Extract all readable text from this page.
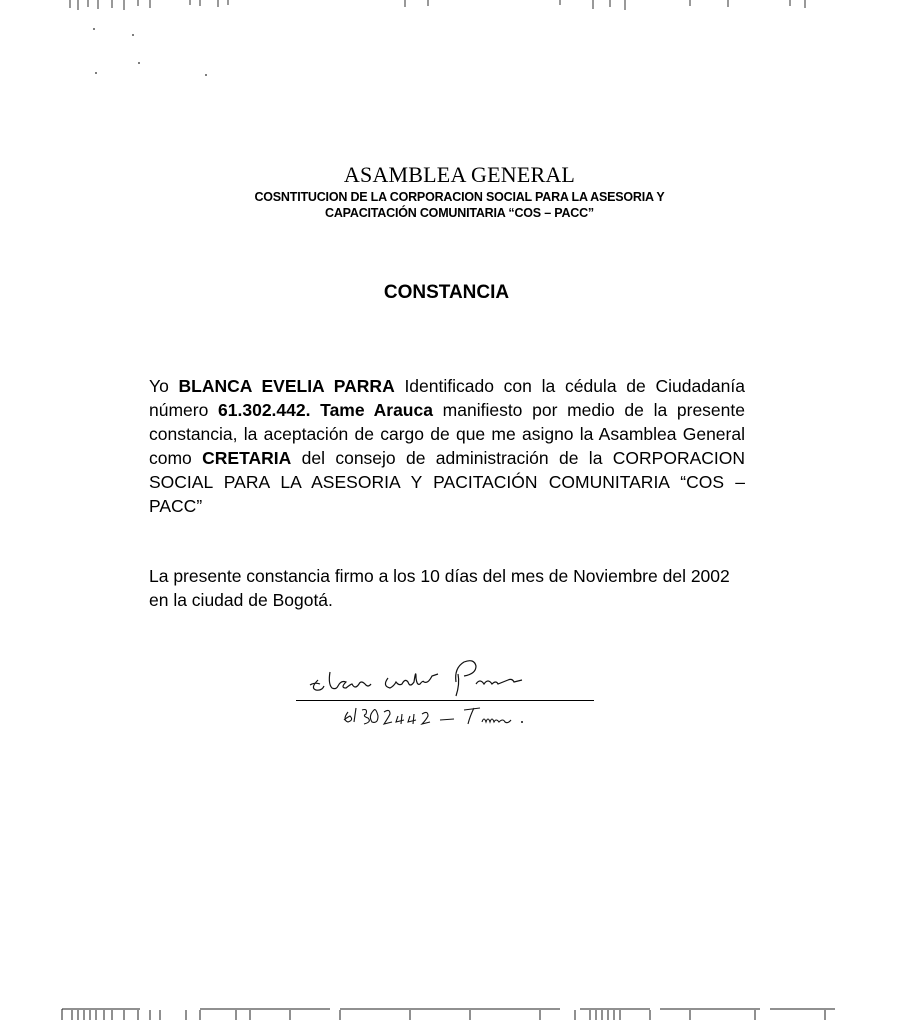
ASAMBLEA GENERAL
COSNTITUCION DE LA CORPORACION SOCIAL PARA LA ASESORIA Y
CAPACITACIÓN COMUNITARIA “COS – PACC”
CONSTANCIA

Yo BLANCA EVELIA PARRA Identificado con la cédula de Ciudadanía número 61.302.442. Tame Arauca manifiesto por medio de la presente constancia, la aceptación de cargo de que me asigno la Asamblea General como CRETARIA del consejo de administración de la CORPORACION SOCIAL PARA LA ASESORIA Y PACITACIÓN COMUNITARIA “COS – PACC”

La presente constancia firmo a los 10 días del mes de Noviembre del 2002 en la ciudad de Bogotá.
